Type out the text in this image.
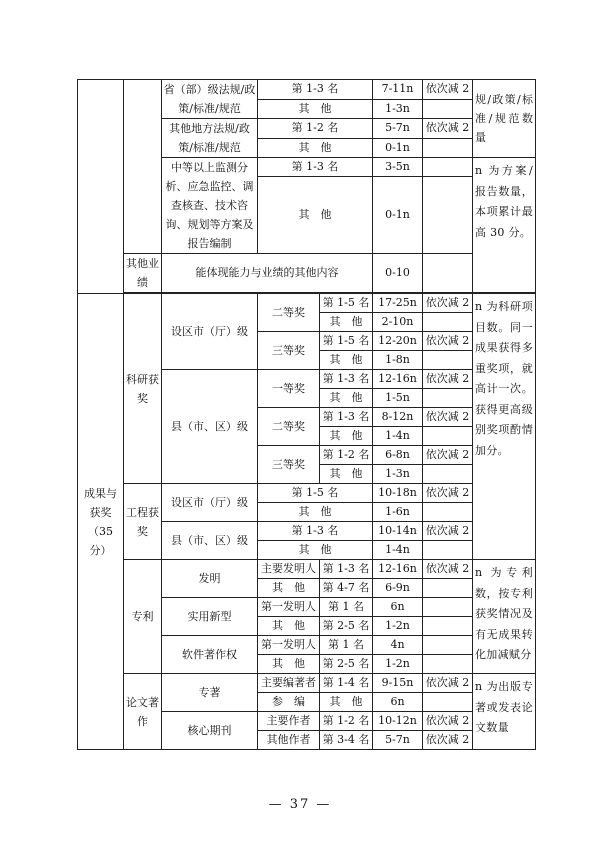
		省（部）级法规/政策/标准/规范	第 1-3 名		7-11n	依次减 2	规/政策/标准/规范数量
			其　他		1-3n		
		其他地方法规/政策/标准/规范	第 1-2 名		5-7n	依次减 2	
			其　他		0-1n		
		中等以上监测分析、应急监控、调查核查、技术咨询、规划等方案及报告编制	第 1-3 名		3-5n		n 为方案/报告数量，本项累计最高 30 分。
			其　他		0-1n		

	其他业绩	能体现能力与业绩的其他内容			0-10		

成果与获奖（35 分）	科研获奖	设区市（厅）级	二等奖	第 1-5 名	17-25n	依次减 2	n 为科研项目数。同一成果获得多重奖项，就高计一次。获得更高级别奖项酌情加分。
				其　他	2-10n		
			三等奖	第 1-5 名	12-20n	依次减 2	
				其　他	1-8n		
		县（市、区）级	一等奖	第 1-3 名	12-16n	依次减 2	
				其　他	1-5n		
			二等奖	第 1-3 名	8-12n	依次减 2	
				其　他	1-4n		
			三等奖	第 1-2 名	6-8n	依次减 2	
				其　他	1-3n		
	工程获奖	设区市（厅）级	第 1-5 名		10-18n	依次减 2	
			其　他		1-6n		
		县（市、区）级	第 1-3 名		10-14n	依次减 2	
			其　他		1-4n		
	专利	发明	主要发明人	第 1-3 名	12-16n	依次减 2	n 为专利数，按专利获奖情况及有无成果转化加减赋分
			其　他	第 4-7 名	6-9n		
		实用新型	第一发明人	第 1 名	6n		
			其　他	第 2-5 名	1-2n		
		软件著作权	第一发明人	第 1 名	4n		
			其　他	第 2-5 名	1-2n		
	论文著作	专著	主要编著者	第 1-4 名	9-15n	依次减 2	n 为出版专著或发表论文数量
			参　编	其　他	6n		
		核心期刊	主要作者	第 1-2 名	10-12n	依次减 2	
			其他作者	第 3-4 名	5-7n	依次减 2	
— 37 —
